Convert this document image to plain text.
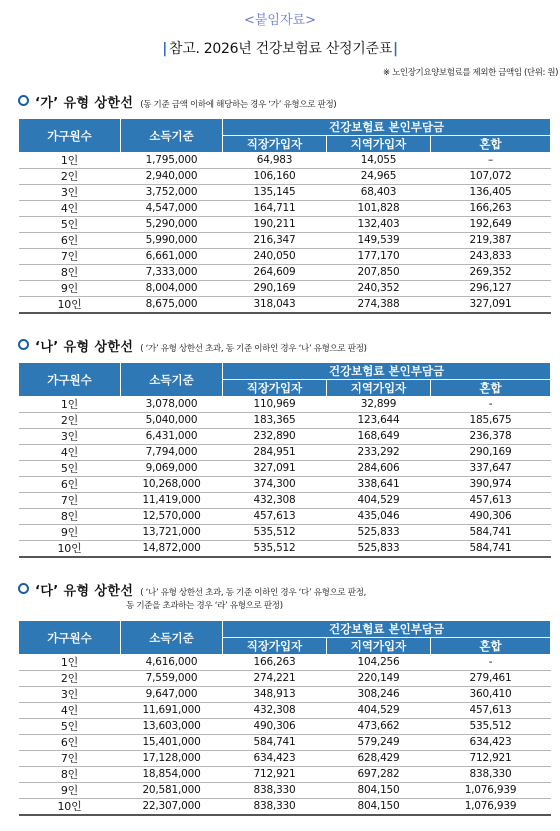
<붙임자료>
| 참고. 2026년 건강보험료 산정기준표|
※ 노인장기요양보험료를 제외한 금액임 (단위: 원)
‘가’ 유형 상한선 (동 기준 금액 이하에 해당하는 경우 ‘가’ 유형으로 판정)
가구원수	소득기준	건강보험료 본인부담금		
		직장가입자	지역가입자	혼합
1인	1,795,000	64,983	14,055	–
2인	2,940,000	106,160	24,965	107,072
3인	3,752,000	135,145	68,403	136,405
4인	4,547,000	164,711	101,828	166,263
5인	5,290,000	190,211	132,403	192,649
6인	5,990,000	216,347	149,539	219,387
7인	6,661,000	240,050	177,170	243,833
8인	7,333,000	264,609	207,850	269,352
9인	8,004,000	290,169	240,352	296,127
10인	8,675,000	318,043	274,388	327,091
‘나’ 유형 상한선 ( ‘가’ 유형 상한선 초과, 동 기준 이하인 경우 ‘나’ 유형으로 판정)
가구원수	소득기준	건강보험료 본인부담금		
		직장가입자	지역가입자	혼합
1인	3,078,000	110,969	32,899	-
2인	5,040,000	183,365	123,644	185,675
3인	6,431,000	232,890	168,649	236,378
4인	7,794,000	284,951	233,292	290,169
5인	9,069,000	327,091	284,606	337,647
6인	10,268,000	374,300	338,641	390,974
7인	11,419,000	432,308	404,529	457,613
8인	12,570,000	457,613	435,046	490,306
9인	13,721,000	535,512	525,833	584,741
10인	14,872,000	535,512	525,833	584,741
‘다’ 유형 상한선 ( ‘나’ 유형 상한선 초과, 동 기준 이하인 경우 ‘다’ 유형으로 판정,
동 기준을 초과하는 경우 ‘라’ 유형으로 판정)
가구원수	소득기준	건강보험료 본인부담금		
		직장가입자	지역가입자	혼합
1인	4,616,000	166,263	104,256	-
2인	7,559,000	274,221	220,149	279,461
3인	9,647,000	348,913	308,246	360,410
4인	11,691,000	432,308	404,529	457,613
5인	13,603,000	490,306	473,662	535,512
6인	15,401,000	584,741	579,249	634,423
7인	17,128,000	634,423	628,429	712,921
8인	18,854,000	712,921	697,282	838,330
9인	20,581,000	838,330	804,150	1,076,939
10인	22,307,000	838,330	804,150	1,076,939
